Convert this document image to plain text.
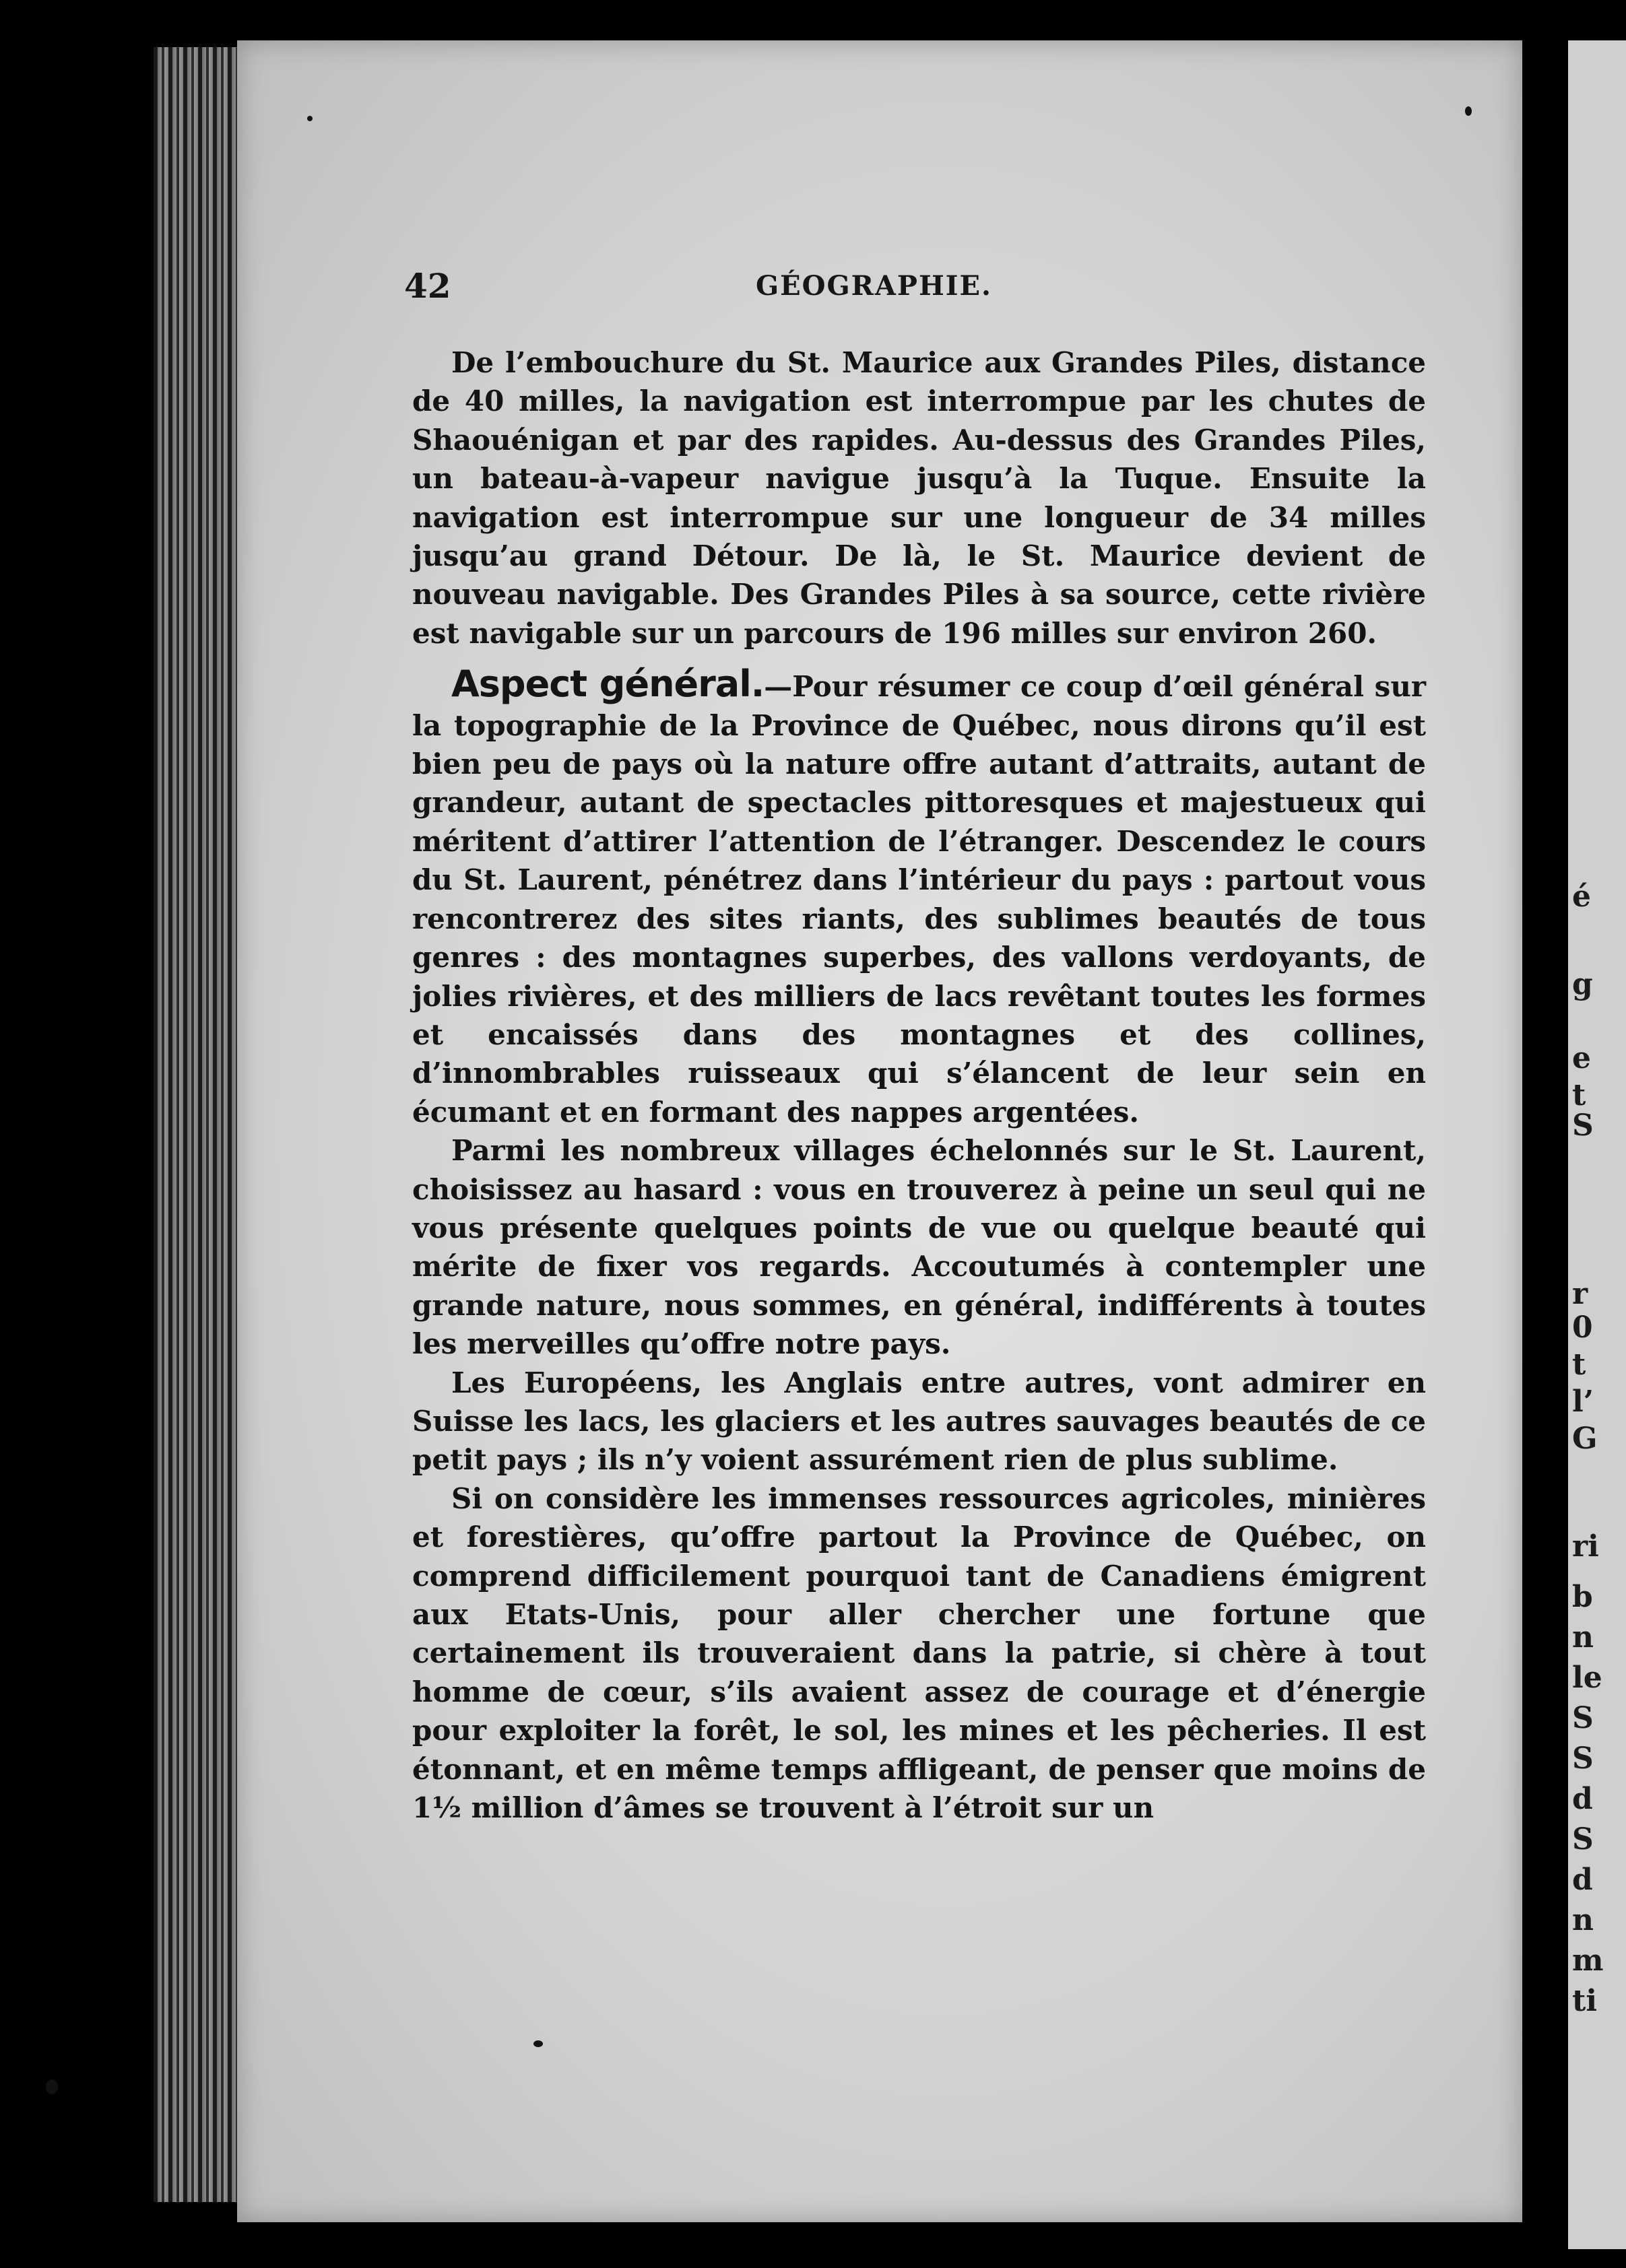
é
g
e
t
S
r
0
t
l’
G
ri
b
n
le
S
S
d
S
d
n
m
ti
42	GÉOGRAPHIE.

De l’embouchure du St. Maurice aux Grandes Piles, distance de 40 milles, la navigation est interrompue par les chutes de Shaouénigan et par des rapides. Au-dessus des Grandes Piles, un bateau-à-vapeur navigue jusqu’à la Tuque. Ensuite la navigation est interrompue sur une longueur de 34 milles jusqu’au grand Détour. De là, le St. Maurice devient de nouveau navigable. Des Grandes Piles à sa source, cette rivière est navigable sur un parcours de 196 milles sur environ 260.

Aspect général.—Pour résumer ce coup d’œil général sur la topographie de la Province de Québec, nous dirons qu’il est bien peu de pays où la nature offre autant d’attraits, autant de grandeur, autant de spectacles pittoresques et majestueux qui méritent d’attirer l’attention de l’étranger. Descendez le cours du St. Laurent, pénétrez dans l’intérieur du pays : partout vous rencontrerez des sites riants, des sublimes beautés de tous genres : des montagnes superbes, des vallons verdoyants, de jolies rivières, et des milliers de lacs revêtant toutes les formes et encaissés dans des montagnes et des collines, d’innombrables ruisseaux qui s’élancent de leur sein en écumant et en formant des nappes argentées.

Parmi les nombreux villages échelonnés sur le St. Laurent, choisissez au hasard : vous en trouverez à peine un seul qui ne vous présente quelques points de vue ou quelque beauté qui mérite de fixer vos regards. Accoutumés à contempler une grande nature, nous sommes, en général, indifférents à toutes les merveilles qu’offre notre pays.

Les Européens, les Anglais entre autres, vont admirer en Suisse les lacs, les glaciers et les autres sauvages beautés de ce petit pays ; ils n’y voient assurément rien de plus sublime.

Si on considère les immenses ressources agricoles, minières et forestières, qu’offre partout la Province de Québec, on comprend difficilement pourquoi tant de Canadiens émigrent aux Etats-Unis, pour aller chercher une fortune que certainement ils trouveraient dans la patrie, si chère à tout homme de cœur, s’ils avaient assez de courage et d’énergie pour exploiter la forêt, le sol, les mines et les pêcheries. Il est étonnant, et en même temps affligeant, de penser que moins de 1½ million d’âmes se trouvent à l’étroit sur un
